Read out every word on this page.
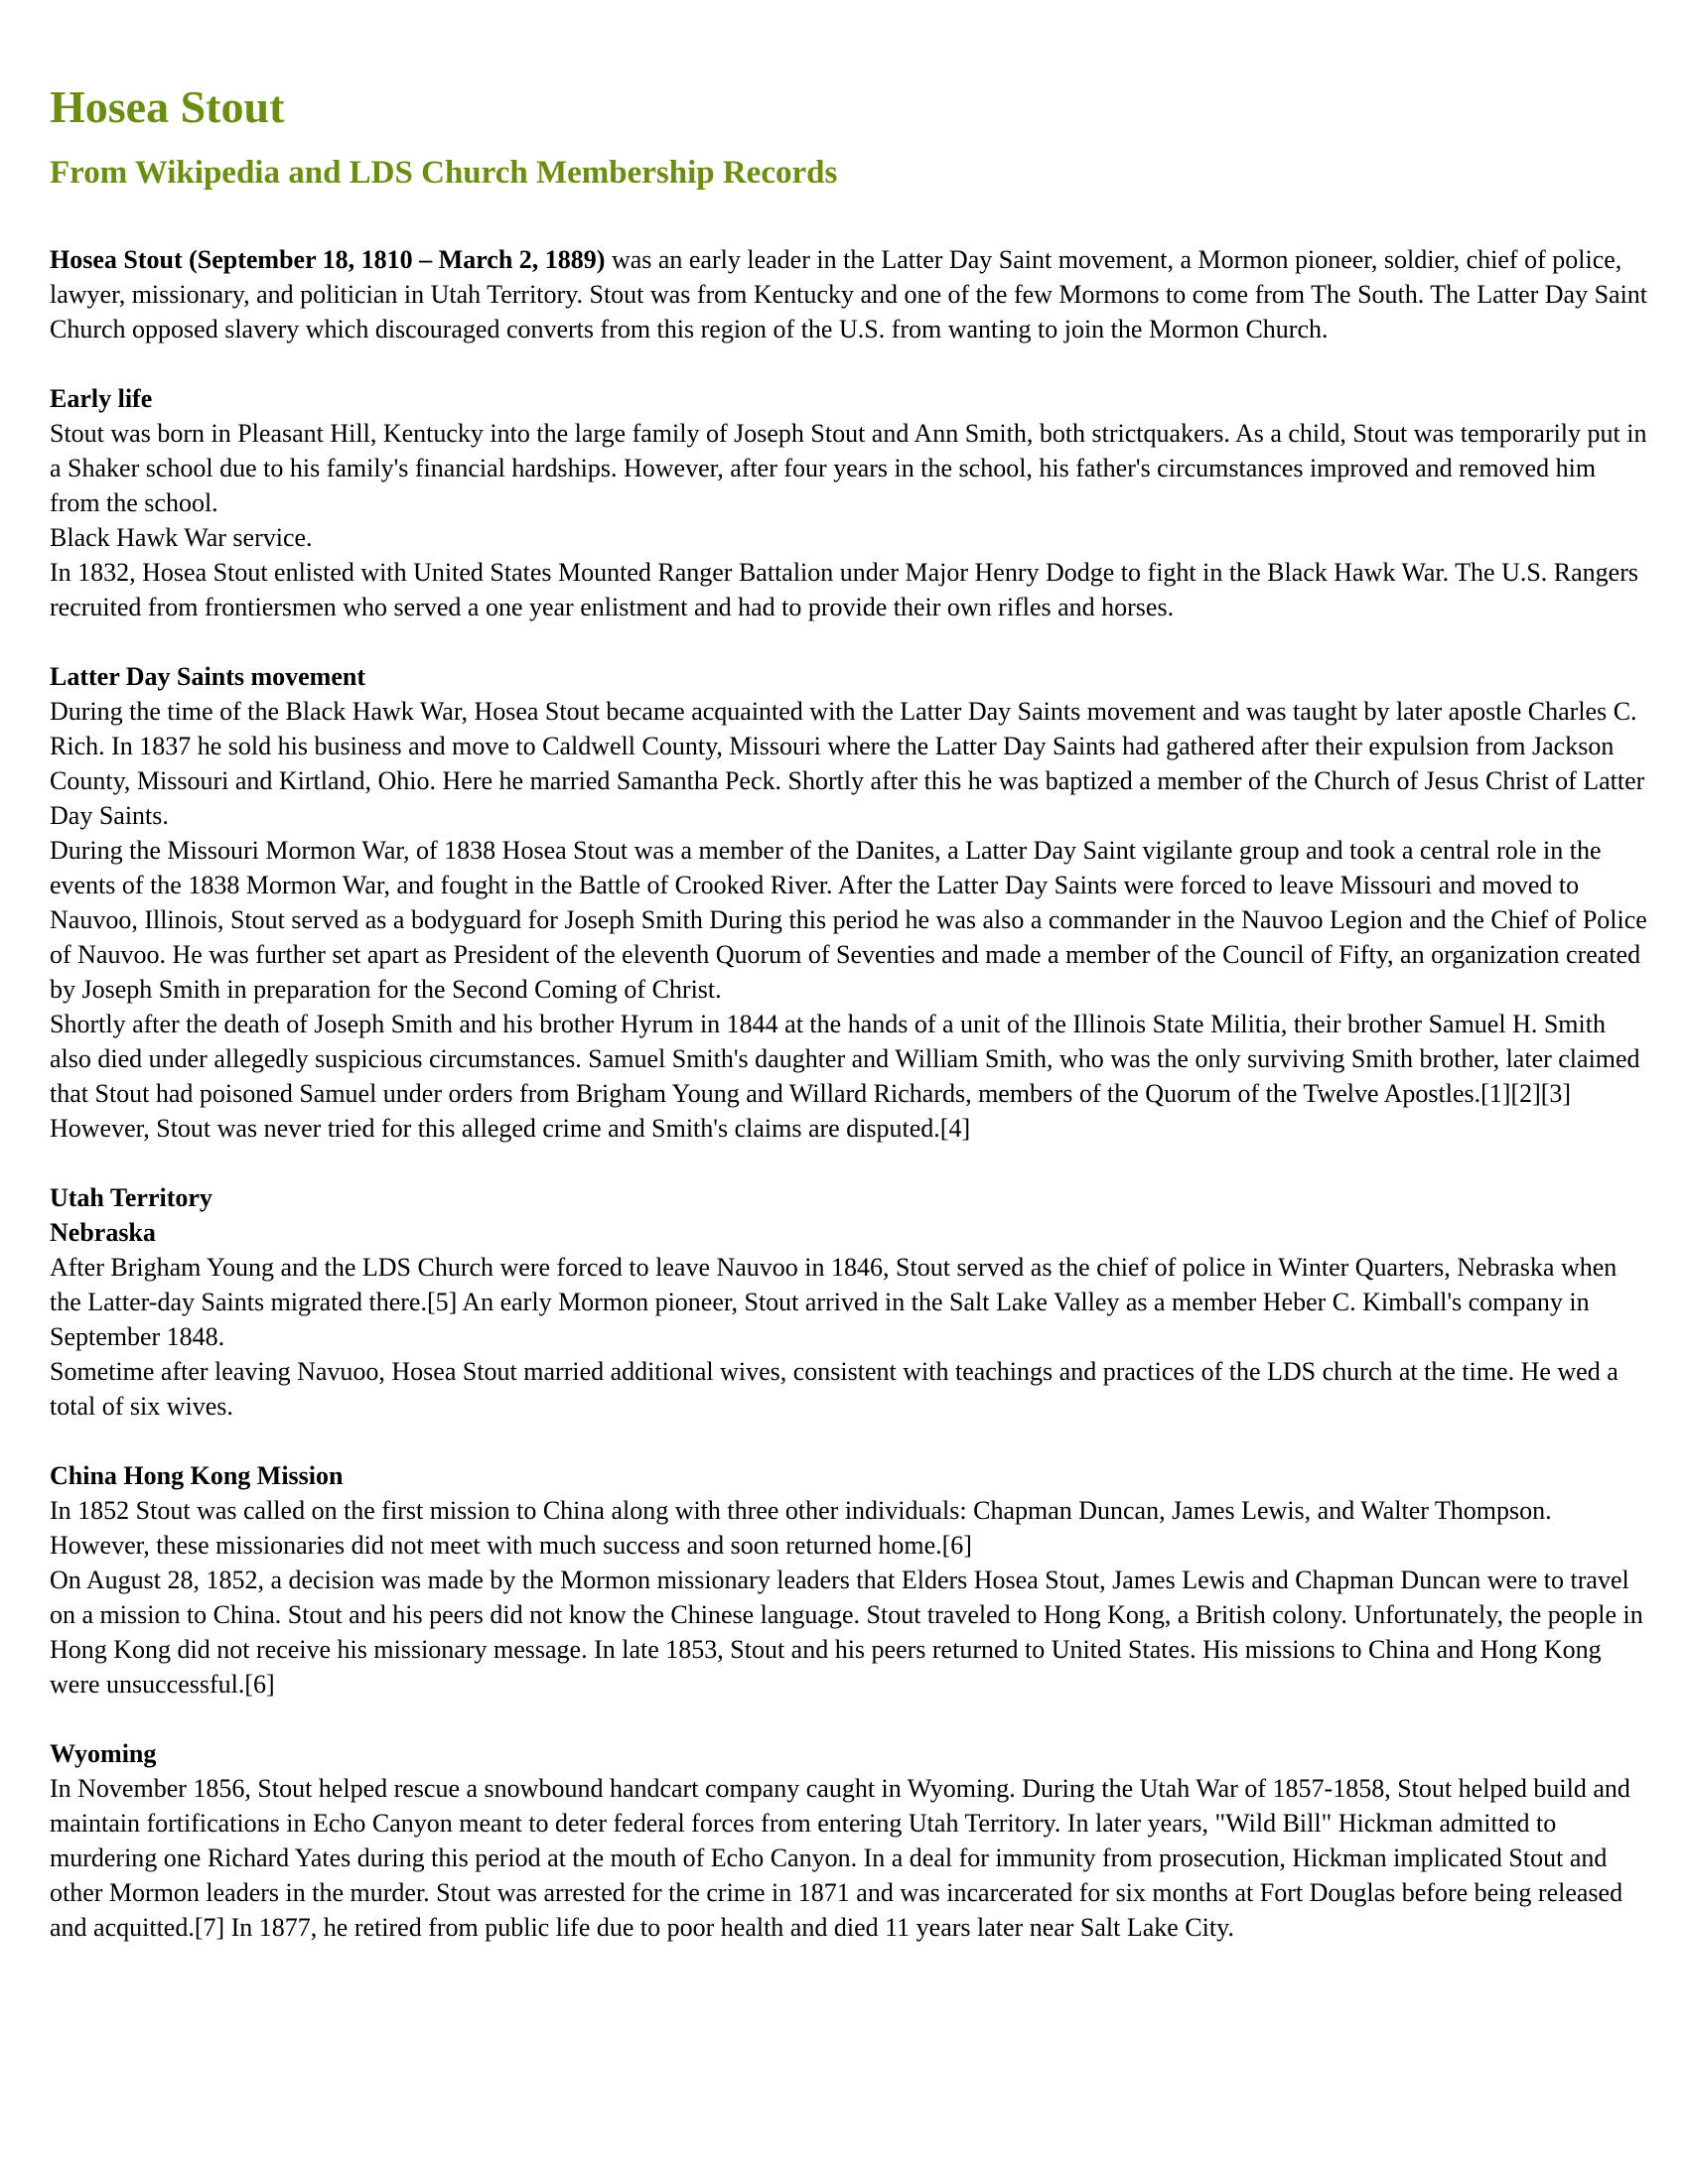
Hosea Stout
From Wikipedia and LDS Church Membership Records

Hosea Stout (September 18, 1810 – March 2, 1889) was an early leader in the Latter Day Saint movement, a Mormon pioneer, soldier, chief of police, lawyer, missionary, and politician in Utah Territory. Stout was from Kentucky and one of the few Mormons to come from The South. The Latter Day Saint Church opposed slavery which discouraged converts from this region of the U.S. from wanting to join the Mormon Church.

Early life

Stout was born in Pleasant Hill, Kentucky into the large family of Joseph Stout and Ann Smith, both strictquakers. As a child, Stout was temporarily put in a Shaker school due to his family's financial hardships. However, after four years in the school, his father's circumstances improved and removed him from the school.

Black Hawk War service.

In 1832, Hosea Stout enlisted with United States Mounted Ranger Battalion under Major Henry Dodge to fight in the Black Hawk War. The U.S. Rangers recruited from frontiersmen who served a one year enlistment and had to provide their own rifles and horses.

Latter Day Saints movement

During the time of the Black Hawk War, Hosea Stout became acquainted with the Latter Day Saints movement and was taught by later apostle Charles C. Rich. In 1837 he sold his business and move to Caldwell County, Missouri where the Latter Day Saints had gathered after their expulsion from Jackson County, Missouri and Kirtland, Ohio. Here he married Samantha Peck. Shortly after this he was baptized a member of the Church of Jesus Christ of Latter Day Saints.

During the Missouri Mormon War, of 1838 Hosea Stout was a member of the Danites, a Latter Day Saint vigilante group and took a central role in the events of the 1838 Mormon War, and fought in the Battle of Crooked River. After the Latter Day Saints were forced to leave Missouri and moved to Nauvoo, Illinois, Stout served as a bodyguard for Joseph Smith During this period he was also a commander in the Nauvoo Legion and the Chief of Police of Nauvoo. He was further set apart as President of the eleventh Quorum of Seventies and made a member of the Council of Fifty, an organization created by Joseph Smith in preparation for the Second Coming of Christ.

Shortly after the death of Joseph Smith and his brother Hyrum in 1844 at the hands of a unit of the Illinois State Militia, their brother Samuel H. Smith also died under allegedly suspicious circumstances. Samuel Smith's daughter and William Smith, who was the only surviving Smith brother, later claimed that Stout had poisoned Samuel under orders from Brigham Young and Willard Richards, members of the Quorum of the Twelve Apostles.[1][2][3] However, Stout was never tried for this alleged crime and Smith's claims are disputed.[4]

Utah Territory

Nebraska

After Brigham Young and the LDS Church were forced to leave Nauvoo in 1846, Stout served as the chief of police in Winter Quarters, Nebraska when the Latter-day Saints migrated there.[5] An early Mormon pioneer, Stout arrived in the Salt Lake Valley as a member Heber C. Kimball's company in September 1848.

Sometime after leaving Navuoo, Hosea Stout married additional wives, consistent with teachings and practices of the LDS church at the time. He wed a total of six wives.

China Hong Kong Mission

In 1852 Stout was called on the first mission to China along with three other individuals: Chapman Duncan, James Lewis, and Walter Thompson. However, these missionaries did not meet with much success and soon returned home.[6]

On August 28, 1852, a decision was made by the Mormon missionary leaders that Elders Hosea Stout, James Lewis and Chapman Duncan were to travel on a mission to China. Stout and his peers did not know the Chinese language. Stout traveled to Hong Kong, a British colony. Unfortunately, the people in Hong Kong did not receive his missionary message. In late 1853, Stout and his peers returned to United States. His missions to China and Hong Kong were unsuccessful.[6]

Wyoming

In November 1856, Stout helped rescue a snowbound handcart company caught in Wyoming. During the Utah War of 1857-1858, Stout helped build and maintain fortifications in Echo Canyon meant to deter federal forces from entering Utah Territory. In later years, "Wild Bill" Hickman admitted to murdering one Richard Yates during this period at the mouth of Echo Canyon. In a deal for immunity from prosecution, Hickman implicated Stout and other Mormon leaders in the murder. Stout was arrested for the crime in 1871 and was incarcerated for six months at Fort Douglas before being released and acquitted.[7] In 1877, he retired from public life due to poor health and died 11 years later near Salt Lake City.
